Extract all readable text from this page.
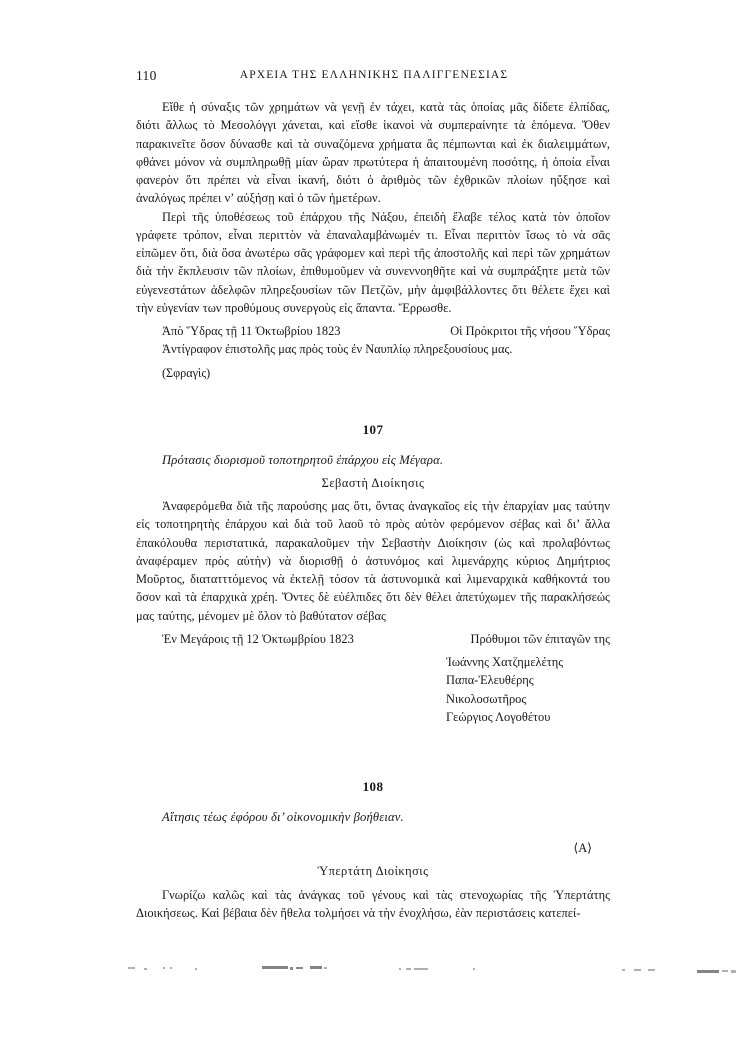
110	ΑΡΧΕΙΑ ΤΗΣ ΕΛΛΗΝΙΚΗΣ ΠΑΛΙΓΓΕΝΕΣΙΑΣ

Εἴθε ἡ σύναξις τῶν χρημάτων νὰ γενῇ ἐν τάχει, κατὰ τὰς ὁποίας μᾶς δίδετε ἐλπίδας, διότι ἄλλως τὸ Μεσολόγγι χάνεται, καὶ εἴσθε ἱκανοὶ νὰ συμπεραίνητε τὰ ἑπόμενα. Ὅθεν παρακινεῖτε ὅσον δύνασθε καὶ τὰ συναζόμενα χρήματα ἂς πέμπωνται καὶ ἐκ διαλειμμάτων, φθάνει μόνον νὰ συμπληρωθῇ μίαν ὥραν πρωτύτερα ἡ ἀπαιτουμένη ποσότης, ἡ ὁποία εἶναι φανερὸν ὅτι πρέπει νὰ εἶναι ἱκανή, διότι ὁ ἀριθμὸς τῶν ἐχθρικῶν πλοίων ηὔξησε καὶ ἀναλόγως πρέπει ν’ αὐξήσῃ καὶ ὁ τῶν ἡμετέρων.

Περὶ τῆς ὑποθέσεως τοῦ ἐπάρχου τῆς Νάξου, ἐπειδὴ ἔλαβε τέλος κατὰ τὸν ὁποῖον γράφετε τρόπον, εἶναι περιττὸν νὰ ἐπαναλαμβάνωμέν τι. Εἶναι περιττὸν ἴσως τὸ νὰ σᾶς εἰπῶμεν ὅτι, διὰ ὅσα ἀνωτέρω σᾶς γράφομεν καὶ περὶ τῆς ἀποστολῆς καὶ περὶ τῶν χρημάτων διὰ τὴν ἔκπλευσιν τῶν πλοίων, ἐπιθυμοῦμεν νὰ συνεννοηθῆτε καὶ νὰ συμπράξητε μετὰ τῶν εὐγενεστάτων ἀδελφῶν πληρεξουσίων τῶν Πετζῶν, μὴν ἀμφιβάλλοντες ὅτι θέλετε ἔχει καὶ τὴν εὐγενίαν των προθύμους συνεργοὺς εἰς ἅπαντα. Ἔρρωσθε.

Ἀπὸ Ὕδρας τῇ 11 Ὀκτωβρίου 1823	Οἱ Πρόκριτοι τῆς νήσου Ὕδρας

Ἀντίγραφον ἐπιστολῆς μας πρὸς τοὺς ἐν Ναυπλίῳ πληρεξουσίους μας.

(Σφραγὶς)

107

Πρότασις διορισμοῦ τοποτηρητοῦ ἐπάρχου εἰς Μέγαρα.

Σεβαστὴ Διοίκησις

Ἀναφερόμεθα διὰ τῆς παρούσης μας ὅτι, ὄντας ἀναγκαῖος εἰς τὴν ἐπαρχίαν μας ταύτην εἰς τοποτηρητὴς ἐπάρχου καὶ διὰ τοῦ λαοῦ τὸ πρὸς αὐτὸν φερόμενον σέβας καὶ δι’ ἄλλα ἐπακόλουθα περιστατικά, παρακαλοῦμεν τὴν Σεβαστὴν Διοίκησιν (ὡς καὶ προλαβόντως ἀναφέραμεν πρὸς αὐτὴν) νὰ διορισθῇ ὁ ἀστυνόμος καὶ λιμενάρχης κύριος Δημήτριος Μοῦρτος, διατατττόμενος νὰ ἐκτελῇ τόσον τὰ ἀστυνομικὰ καὶ λιμεναρχικὰ καθήκοντά του ὅσον καὶ τὰ ἐπαρχικὰ χρέη. Ὄντες δὲ εὐέλπιδες ὅτι δὲν θέλει ἀπετύχωμεν τῆς παρακλήσεώς μας ταύτης, μένομεν μὲ ὅλον τὸ βαθύτατον σέβας

Ἐν Μεγάροις τῇ 12 Ὀκτωμβρίου 1823	Πρόθυμοι τῶν ἐπιταγῶν της
Ἰωάννης Χατζημελέτης
Παπα-Ἐλευθέρης
Νικολοσωτῆρος
Γεώργιος Λογοθέτου

108

Αἴτησις τέως ἐφόρου δι’ οἰκονομικὴν βοήθειαν.

⟨Α⟩

Ὑπερτάτη Διοίκησις

Γνωρίζω καλῶς καὶ τὰς ἀνάγκας τοῦ γένους καὶ τὰς στενοχωρίας τῆς Ὑπερτάτης Διοικήσεως. Καὶ βέβαια δὲν ἤθελα τολμήσει νὰ τὴν ἐνοχλήσω, ἐὰν περιστάσεις κατεπεί-
